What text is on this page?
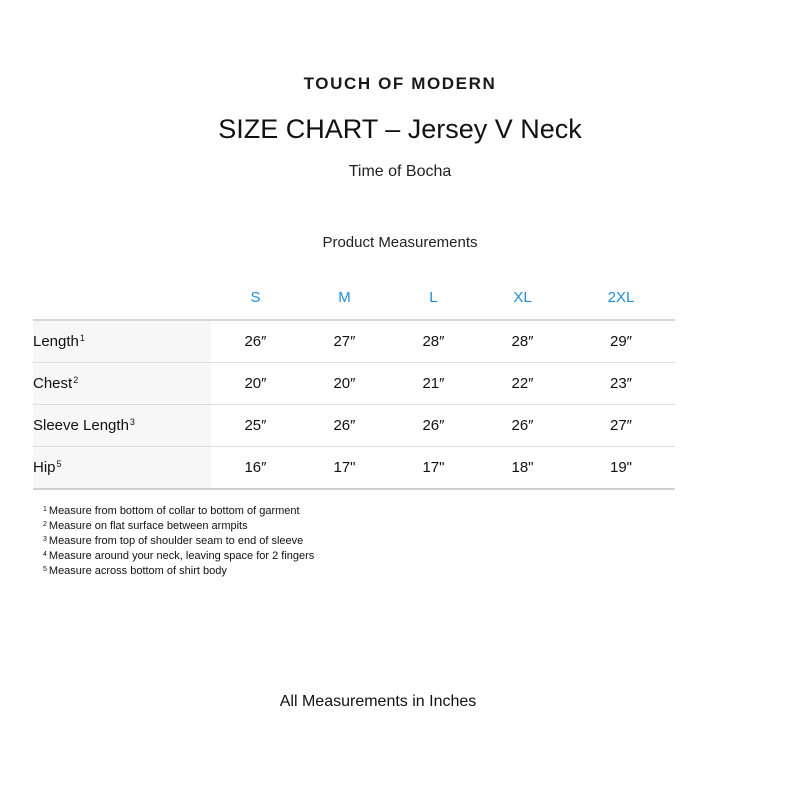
TOUCH OF MODERN
SIZE CHART – Jersey V Neck
Time of Bocha
Product Measurements
	S	M	L	XL	2XL
Length$^1$	26″	27″	28″	28″	29″
Chest$^2$	20″	20″	21″	22″	23″
Sleeve Length$^3$	25″	26″	26″	26″	27″
Hip$^5$	16″	17"	17"	18"	19"
$^1$ Measure from bottom of collar to bottom of garment
$^2$ Measure on flat surface between armpits
$^3$ Measure from top of shoulder seam to end of sleeve
$^4$ Measure around your neck, leaving space for 2 fingers
$^5$ Measure across bottom of shirt body
All Measurements in Inches
